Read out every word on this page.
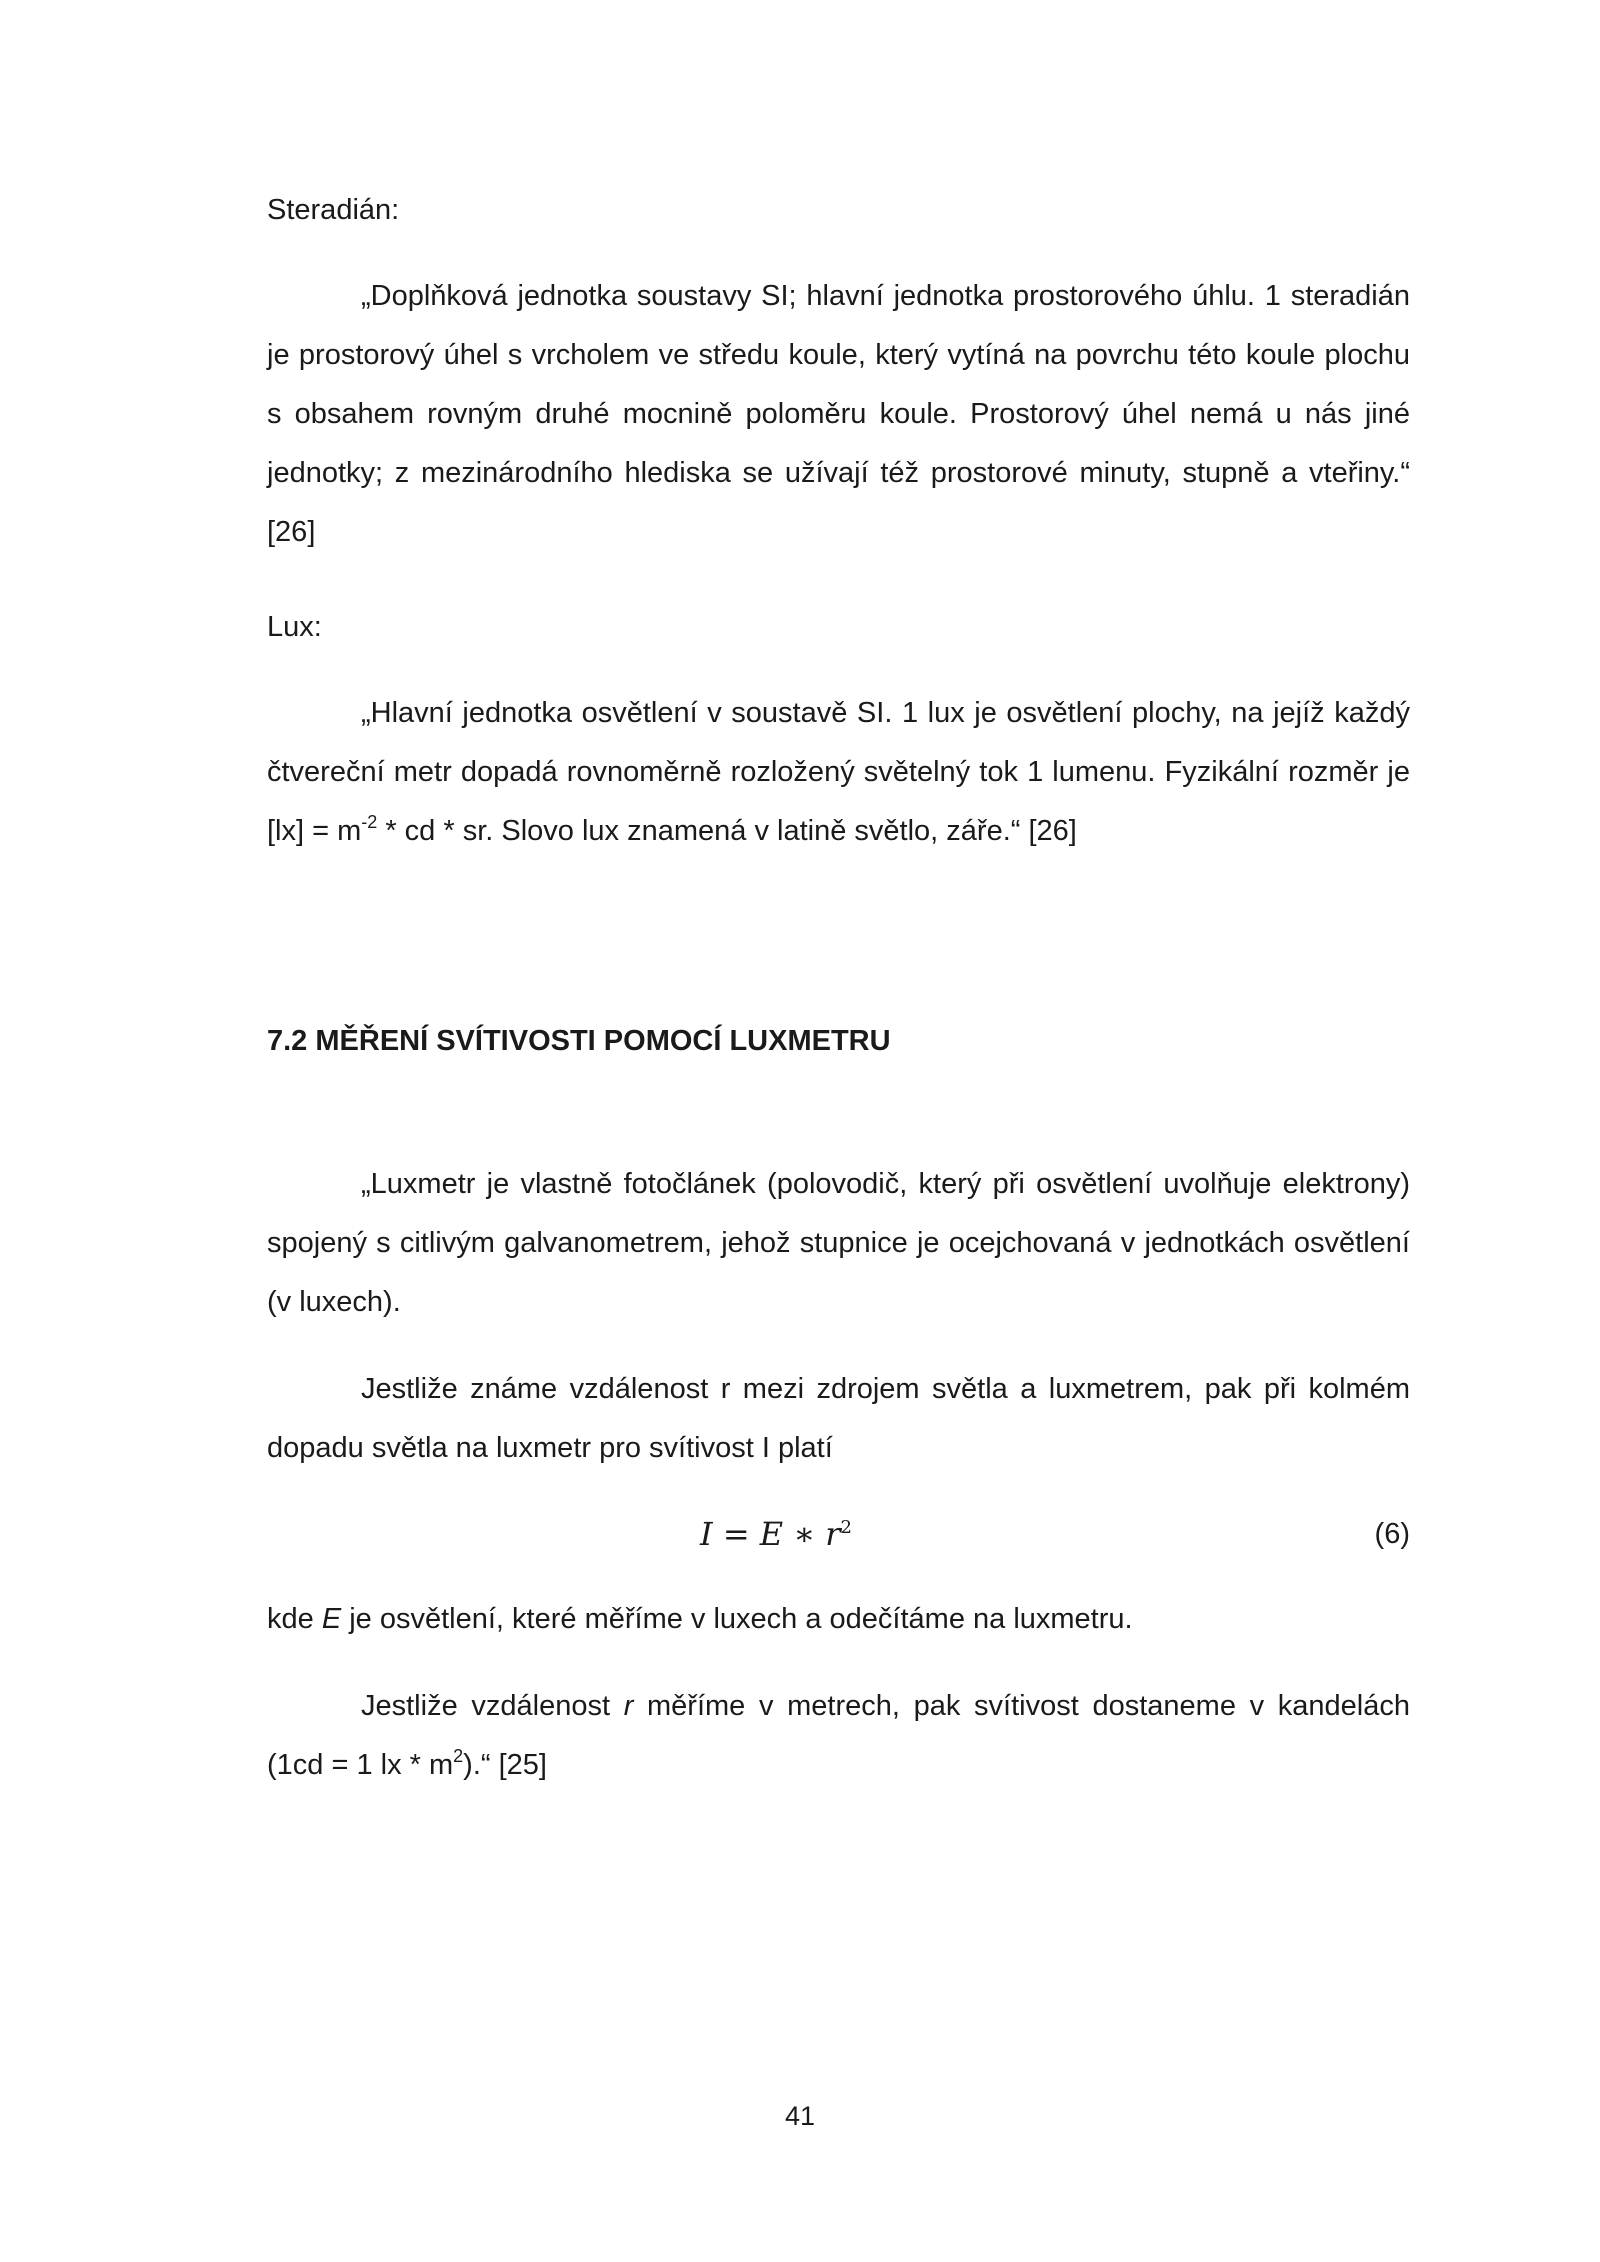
Steradián:
„Doplňková jednotka soustavy SI; hlavní jednotka prostorového úhlu. 1 steradián je prostorový úhel s vrcholem ve středu koule, který vytíná na povrchu této koule plochu s obsahem rovným druhé mocnině poloměru koule. Prostorový úhel nemá u nás jiné jednotky; z mezinárodního hlediska se užívají též prostorové minuty, stupně a vteřiny.“ [26]
Lux:
„Hlavní jednotka osvětlení v soustavě SI. 1 lux je osvětlení plochy, na jejíž každý čtvereční metr dopadá rovnoměrně rozložený světelný tok 1 lumenu. Fyzikální rozměr je $[lx] = m^{-2}$ * cd * sr. Slovo lux znamená v latině světlo, záře.“ [26]
7.2 MĚŘENÍ SVÍTIVOSTI POMOCÍ LUXMETRU
„Luxmetr je vlastně fotočlánek (polovodič, který při osvětlení uvolňuje elektrony) spojený s citlivým galvanometrem, jehož stupnice je ocejchovaná v jednotkách osvětlení (v luxech).
Jestliže známe vzdálenost r mezi zdrojem světla a luxmetrem, pak při kolmém dopadu světla na luxmetr pro svítivost I platí
I = E ∗ $r^2$	(6)
kde E je osvětlení, které měříme v luxech a odečítáme na luxmetru.
Jestliže vzdálenost r měříme v metrech, pak svítivost dostaneme v kandelách (1cd = 1 lx * $m^2).“$ [25]
41
